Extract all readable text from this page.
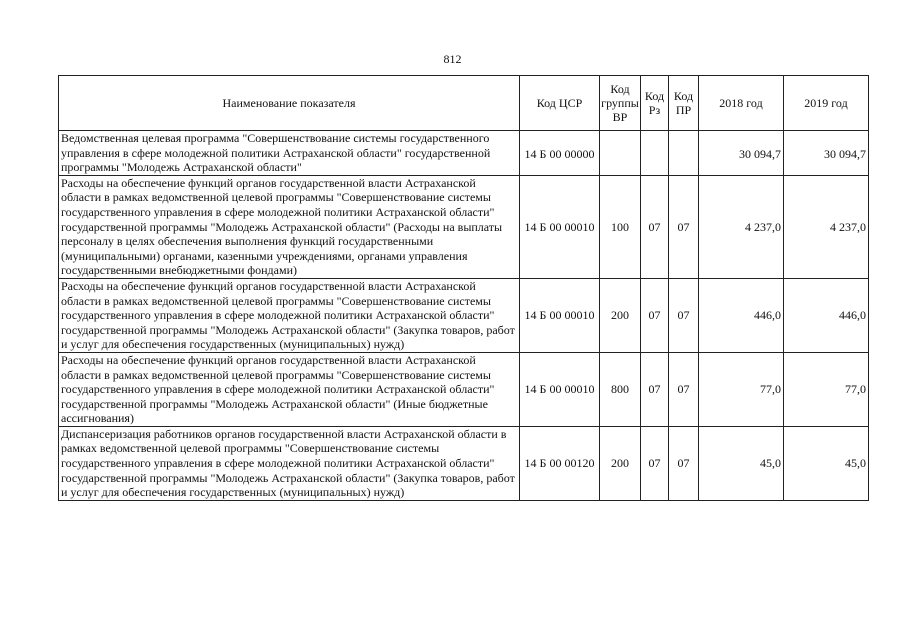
812
Наименование показателя	Код ЦСР	Код группы ВР	Код Рз	Код ПР	2018 год	2019 год
Ведомственная целевая программа "Совершенствование системы государственного управления в сфере молодежной политики Астраханской области" государственной программы "Молодежь Астраханской области"	14 Б 00 00000				30 094,7	30 094,7
Расходы на обеспечение функций органов государственной власти Астраханской области в рамках ведомственной целевой программы "Совершенствование системы государственного управления в сфере молодежной политики Астраханской области" государственной программы "Молодежь Астраханской области" (Расходы на выплаты персоналу в целях обеспечения выполнения функций государственными (муниципальными) органами, казенными учреждениями, органами управления государственными внебюджетными фондами)	14 Б 00 00010	100	07	07	4 237,0	4 237,0
Расходы на обеспечение функций органов государственной власти Астраханской области в рамках ведомственной целевой программы "Совершенствование системы государственного управления в сфере молодежной политики Астраханской области" государственной программы "Молодежь Астраханской области" (Закупка товаров, работ и услуг для обеспечения государственных (муниципальных) нужд)	14 Б 00 00010	200	07	07	446,0	446,0
Расходы на обеспечение функций органов государственной власти Астраханской области в рамках ведомственной целевой программы "Совершенствование системы государственного управления в сфере молодежной политики Астраханской области" государственной программы "Молодежь Астраханской области" (Иные бюджетные ассигнования)	14 Б 00 00010	800	07	07	77,0	77,0
Диспансеризация работников органов государственной власти Астраханской области в рамках ведомственной целевой программы "Совершенствование системы государственного управления в сфере молодежной политики Астраханской области" государственной программы "Молодежь Астраханской области" (Закупка товаров, работ и услуг для обеспечения государственных (муниципальных) нужд)	14 Б 00 00120	200	07	07	45,0	45,0
